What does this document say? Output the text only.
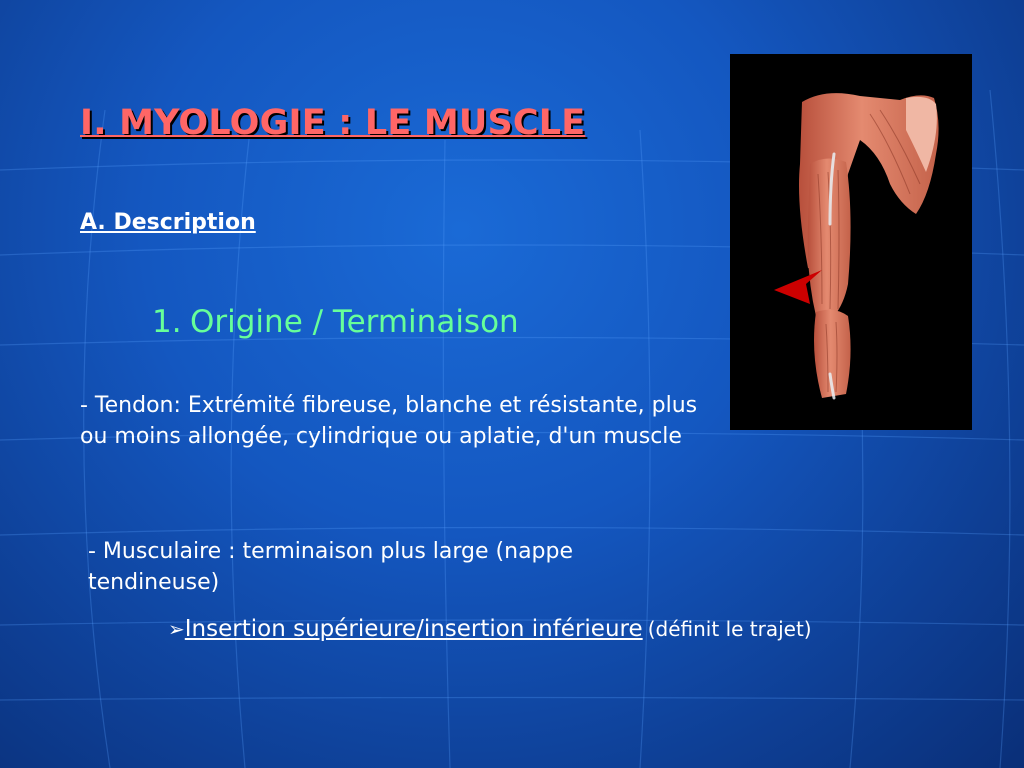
I. MYOLOGIE : LE MUSCLE
A. Description
1. Origine / Terminaison

- Tendon: Extrémité fibreuse, blanche et résistante, plus ou moins allongée, cylindrique ou aplatie, d'un muscle

- Musculaire : terminaison plus large (nappe tendineuse)

➢Insertion supérieure/insertion inférieure (définit le trajet)
